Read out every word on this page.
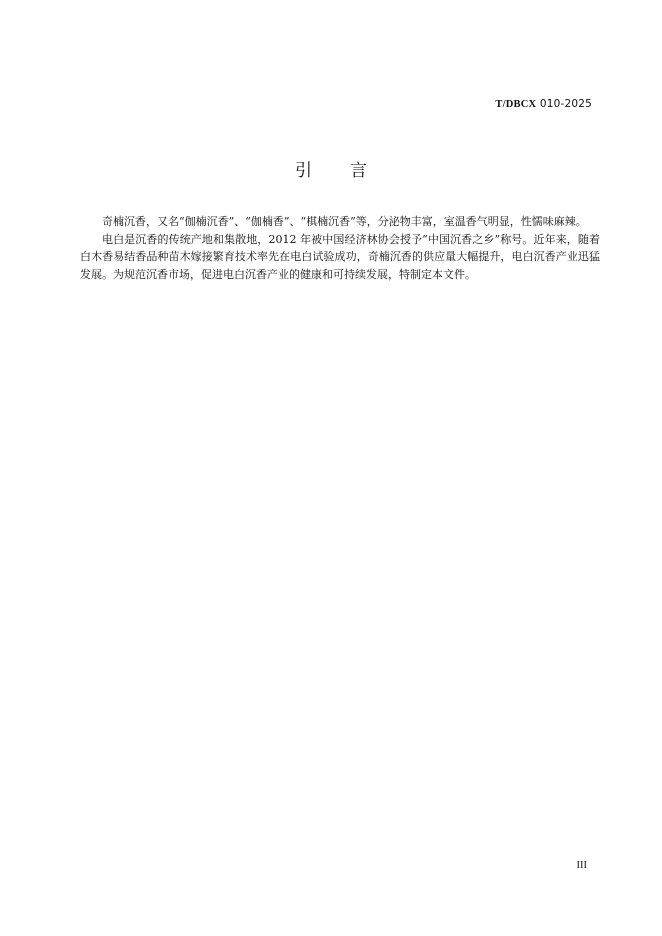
T/DBCX 010-2025
引 言

奇楠沉香，又名“伽楠沉香”、“伽楠香”、“棋楠沉香”等，分泌物丰富，室温香气明显，性懦味麻辣。

电白是沉香的传统产地和集散地，2012 年被中国经济林协会授予“中国沉香之乡”称号。近年来，随着白木香易结香品种苗木嫁接繁育技术率先在电白试验成功，奇楠沉香的供应量大幅提升，电白沉香产业迅猛发展。为规范沉香市场，促进电白沉香产业的健康和可持续发展，特制定本文件。

III
